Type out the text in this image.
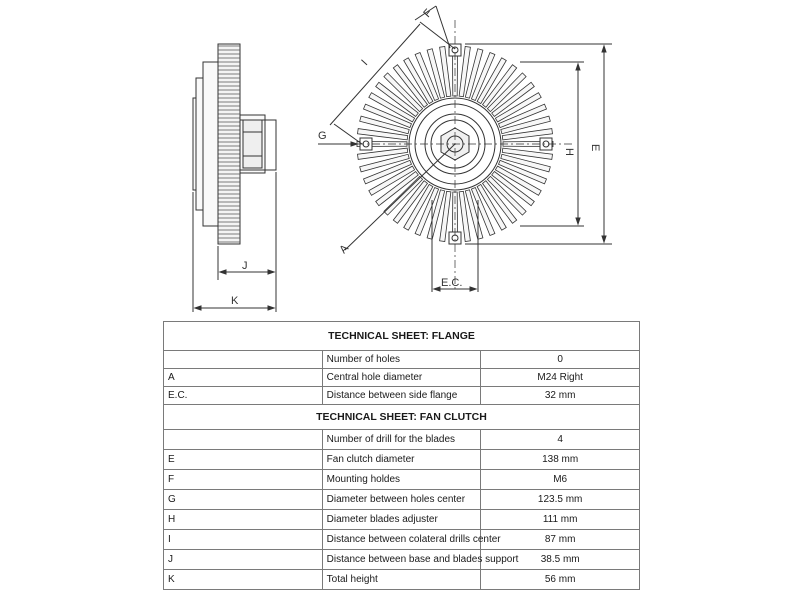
I
F
G
H
E
A
E.C.
J
K
TECHNICAL SHEET: FLANGE		
	Number of holes	0
A	Central hole diameter	M24 Right
E.C.	Distance between side flange	32 mm
TECHNICAL SHEET: FAN CLUTCH		
	Number of drill for the blades	4
E	Fan clutch diameter	138 mm
F	Mounting holdes	M6
G	Diameter between holes center	123.5 mm
H	Diameter blades adjuster	111 mm
I	Distance between colateral drills center	87 mm
J	Distance between base and blades support	38.5 mm
K	Total height	56 mm
